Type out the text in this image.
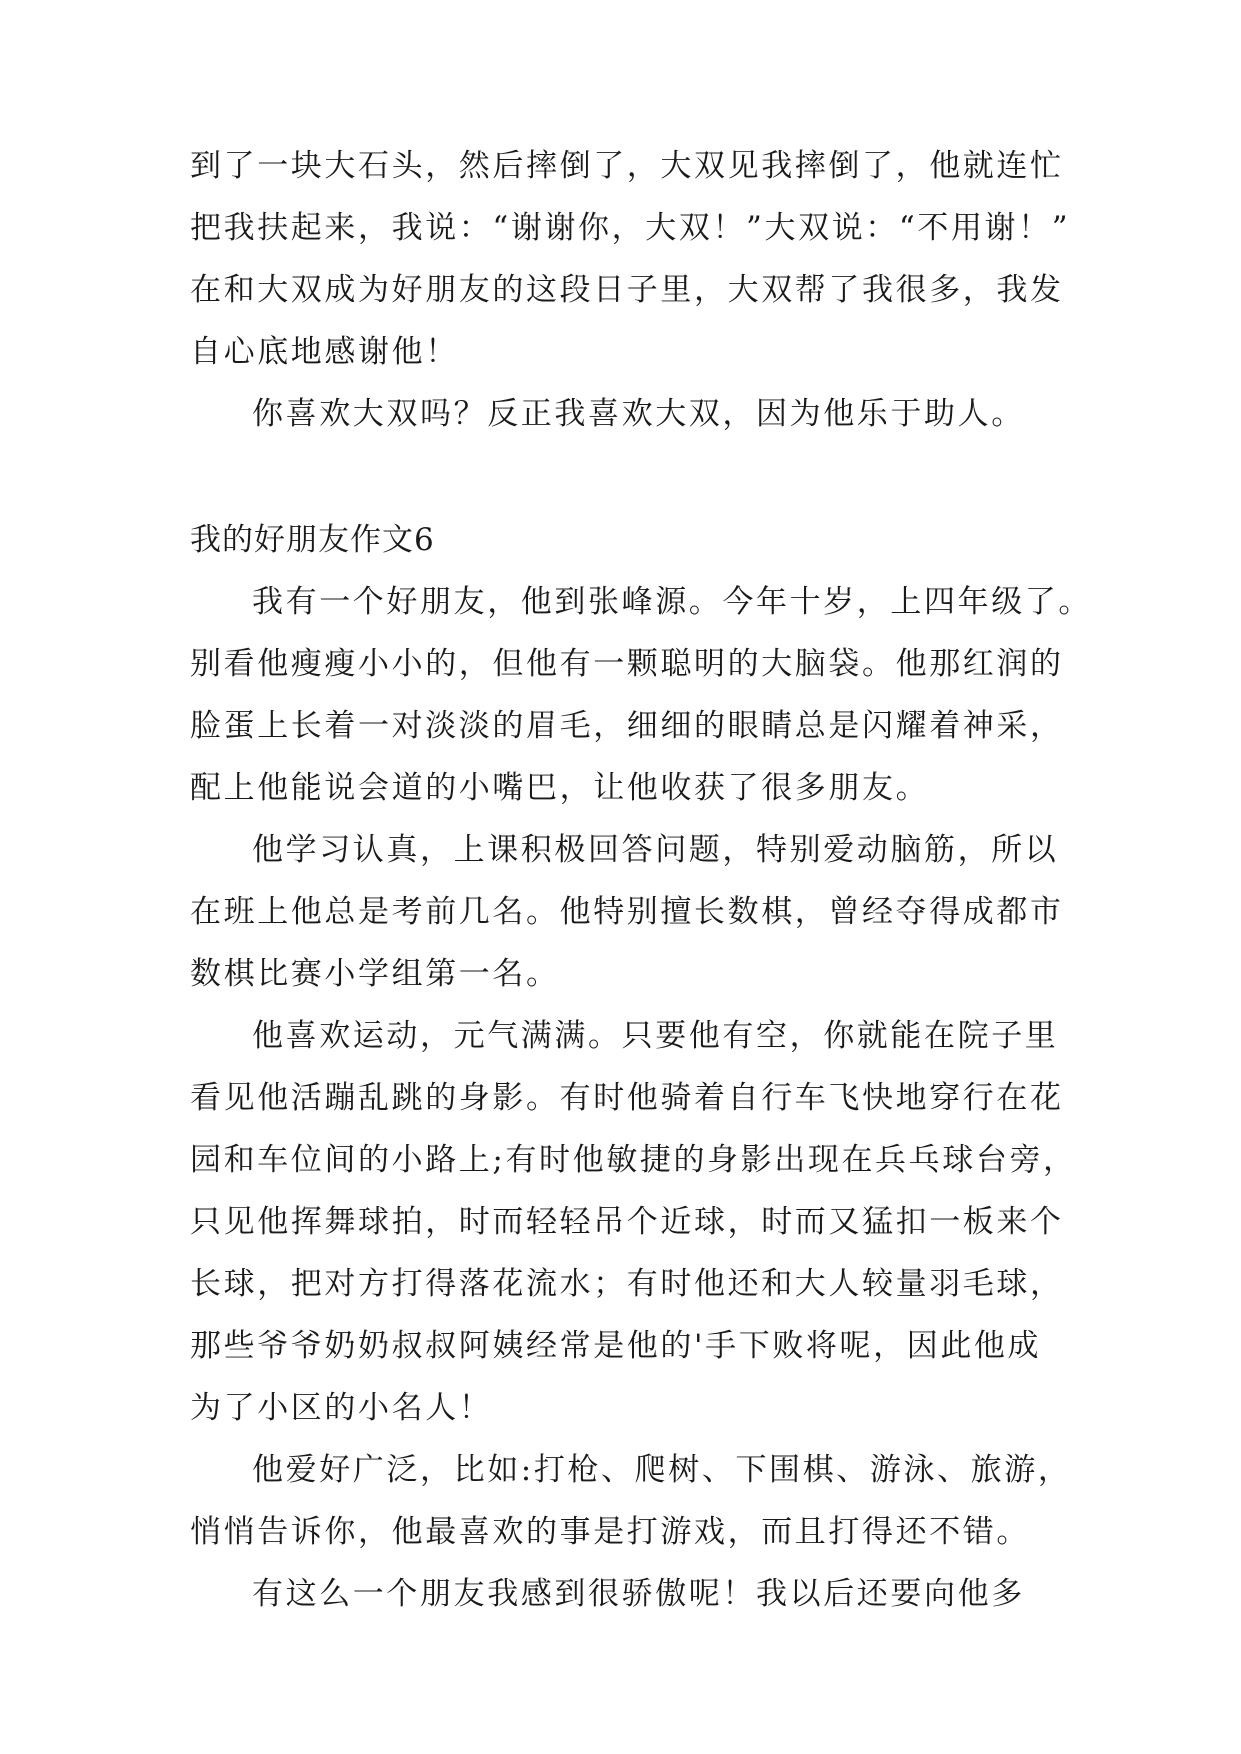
到了一块大石头，然后摔倒了，大双见我摔倒了，他就连忙
把我扶起来，我说：“谢谢你，大双！”大双说：“不用谢！”
在和大双成为好朋友的这段日子里，大双帮了我很多，我发
自心底地感谢他！
你喜欢大双吗？反正我喜欢大双，因为他乐于助人。
我的好朋友作文6
我有一个好朋友，他到张峰源。今年十岁，上四年级了。
别看他瘦瘦小小的，但他有一颗聪明的大脑袋。他那红润的
脸蛋上长着一对淡淡的眉毛，细细的眼睛总是闪耀着神采，
配上他能说会道的小嘴巴，让他收获了很多朋友。
他学习认真，上课积极回答问题，特别爱动脑筋，所以
在班上他总是考前几名。他特别擅长数棋，曾经夺得成都市
数棋比赛小学组第一名。
他喜欢运动，元气满满。只要他有空，你就能在院子里
看见他活蹦乱跳的身影。有时他骑着自行车飞快地穿行在花
园和车位间的小路上;有时他敏捷的身影出现在兵乓球台旁，
只见他挥舞球拍，时而轻轻吊个近球，时而又猛扣一板来个
长球，把对方打得落花流水；有时他还和大人较量羽毛球，
那些爷爷奶奶叔叔阿姨经常是他的'手下败将呢，因此他成
为了小区的小名人！
他爱好广泛，比如:打枪、爬树、下围棋、游泳、旅游，
悄悄告诉你，他最喜欢的事是打游戏，而且打得还不错。
有这么一个朋友我感到很骄傲呢！我以后还要向他多
